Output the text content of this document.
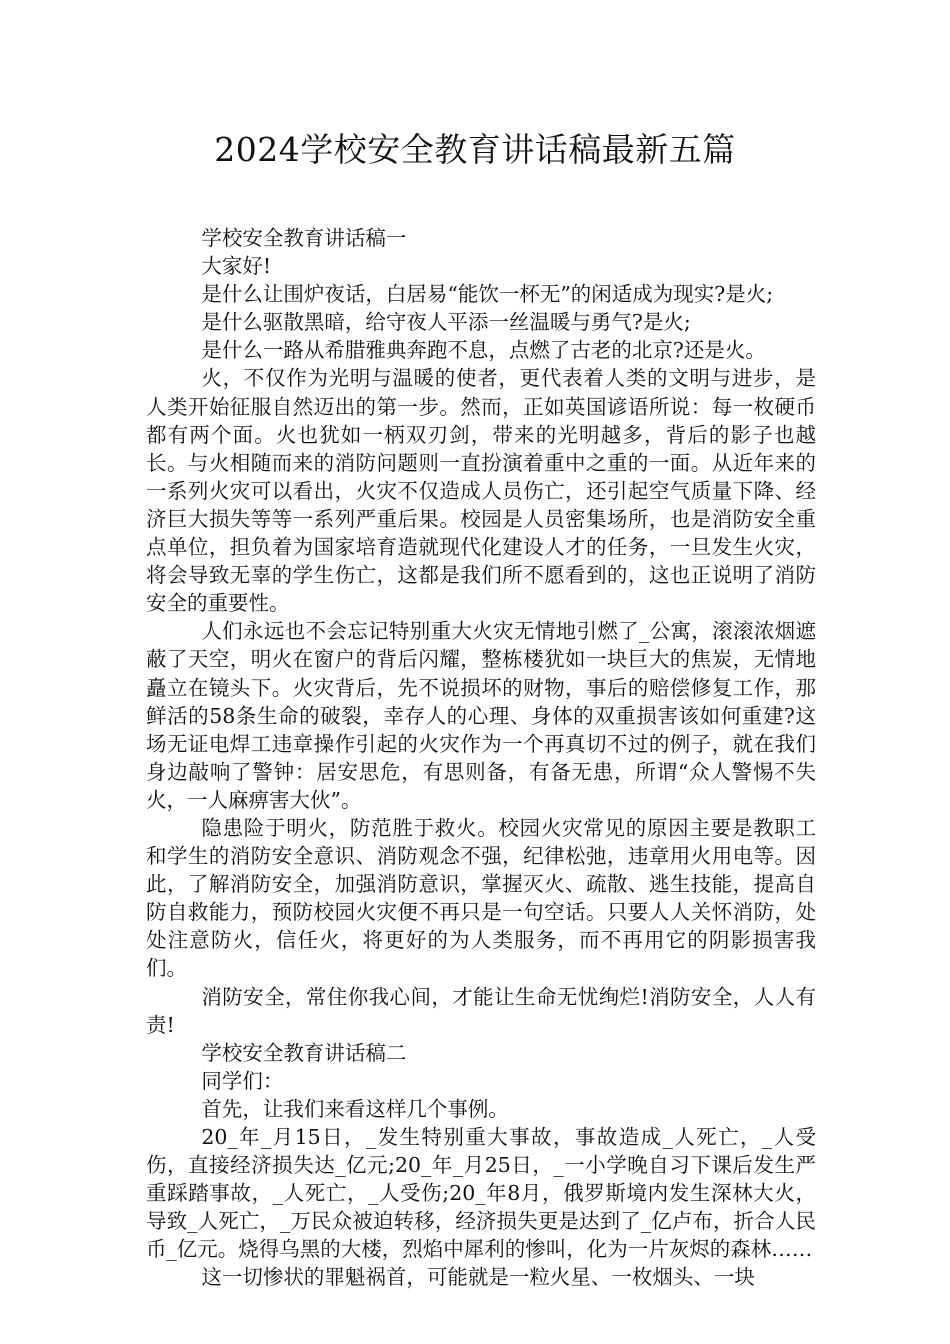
2024学校安全教育讲话稿最新五篇

学校安全教育讲话稿一

大家好!

是什么让围炉夜话，白居易“能饮一杯无”的闲适成为现实?是火;

是什么驱散黑暗，给守夜人平添一丝温暖与勇气?是火;

是什么一路从希腊雅典奔跑不息，点燃了古老的北京?还是火。

火，不仅作为光明与温暖的使者，更代表着人类的文明与进步，是人类开始征服自然迈出的第一步。然而，正如英国谚语所说：每一枚硬币都有两个面。火也犹如一柄双刃剑，带来的光明越多，背后的影子也越长。与火相随而来的消防问题则一直扮演着重中之重的一面。从近年来的一系列火灾可以看出，火灾不仅造成人员伤亡，还引起空气质量下降、经济巨大损失等等一系列严重后果。校园是人员密集场所，也是消防安全重点单位，担负着为国家培育造就现代化建设人才的任务，一旦发生火灾，将会导致无辜的学生伤亡，这都是我们所不愿看到的，这也正说明了消防安全的重要性。

人们永远也不会忘记特别重大火灾无情地引燃了_公寓，滚滚浓烟遮蔽了天空，明火在窗户的背后闪耀，整栋楼犹如一块巨大的焦炭，无情地矗立在镜头下。火灾背后，先不说损坏的财物，事后的赔偿修复工作，那鲜活的58条生命的破裂，幸存人的心理、身体的双重损害该如何重建?这场无证电焊工违章操作引起的火灾作为一个再真切不过的例子，就在我们身边敲响了警钟：居安思危，有思则备，有备无患，所谓“众人警惕不失火，一人麻痹害大伙”。

隐患险于明火，防范胜于救火。校园火灾常见的原因主要是教职工和学生的消防安全意识、消防观念不强，纪律松弛，违章用火用电等。因此，了解消防安全，加强消防意识，掌握灭火、疏散、逃生技能，提高自防自救能力，预防校园火灾便不再只是一句空话。只要人人关怀消防，处处注意防火，信任火，将更好的为人类服务，而不再用它的阴影损害我们。

消防安全，常住你我心间，才能让生命无忧绚烂!消防安全，人人有责!

学校安全教育讲话稿二

同学们：

首先，让我们来看这样几个事例。

20_年_月15日，_发生特别重大事故，事故造成_人死亡，_人受伤，直接经济损失达_亿元;20_年_月25日，_一小学晚自习下课后发生严重踩踏事故，_人死亡，_人受伤;20_年8月，俄罗斯境内发生深林大火，导致_人死亡，_万民众被迫转移，经济损失更是达到了_亿卢布，折合人民币_亿元。烧得乌黑的大楼，烈焰中犀利的惨叫，化为一片灰烬的森林……

这一切惨状的罪魁祸首，可能就是一粒火星、一枚烟头、一块
